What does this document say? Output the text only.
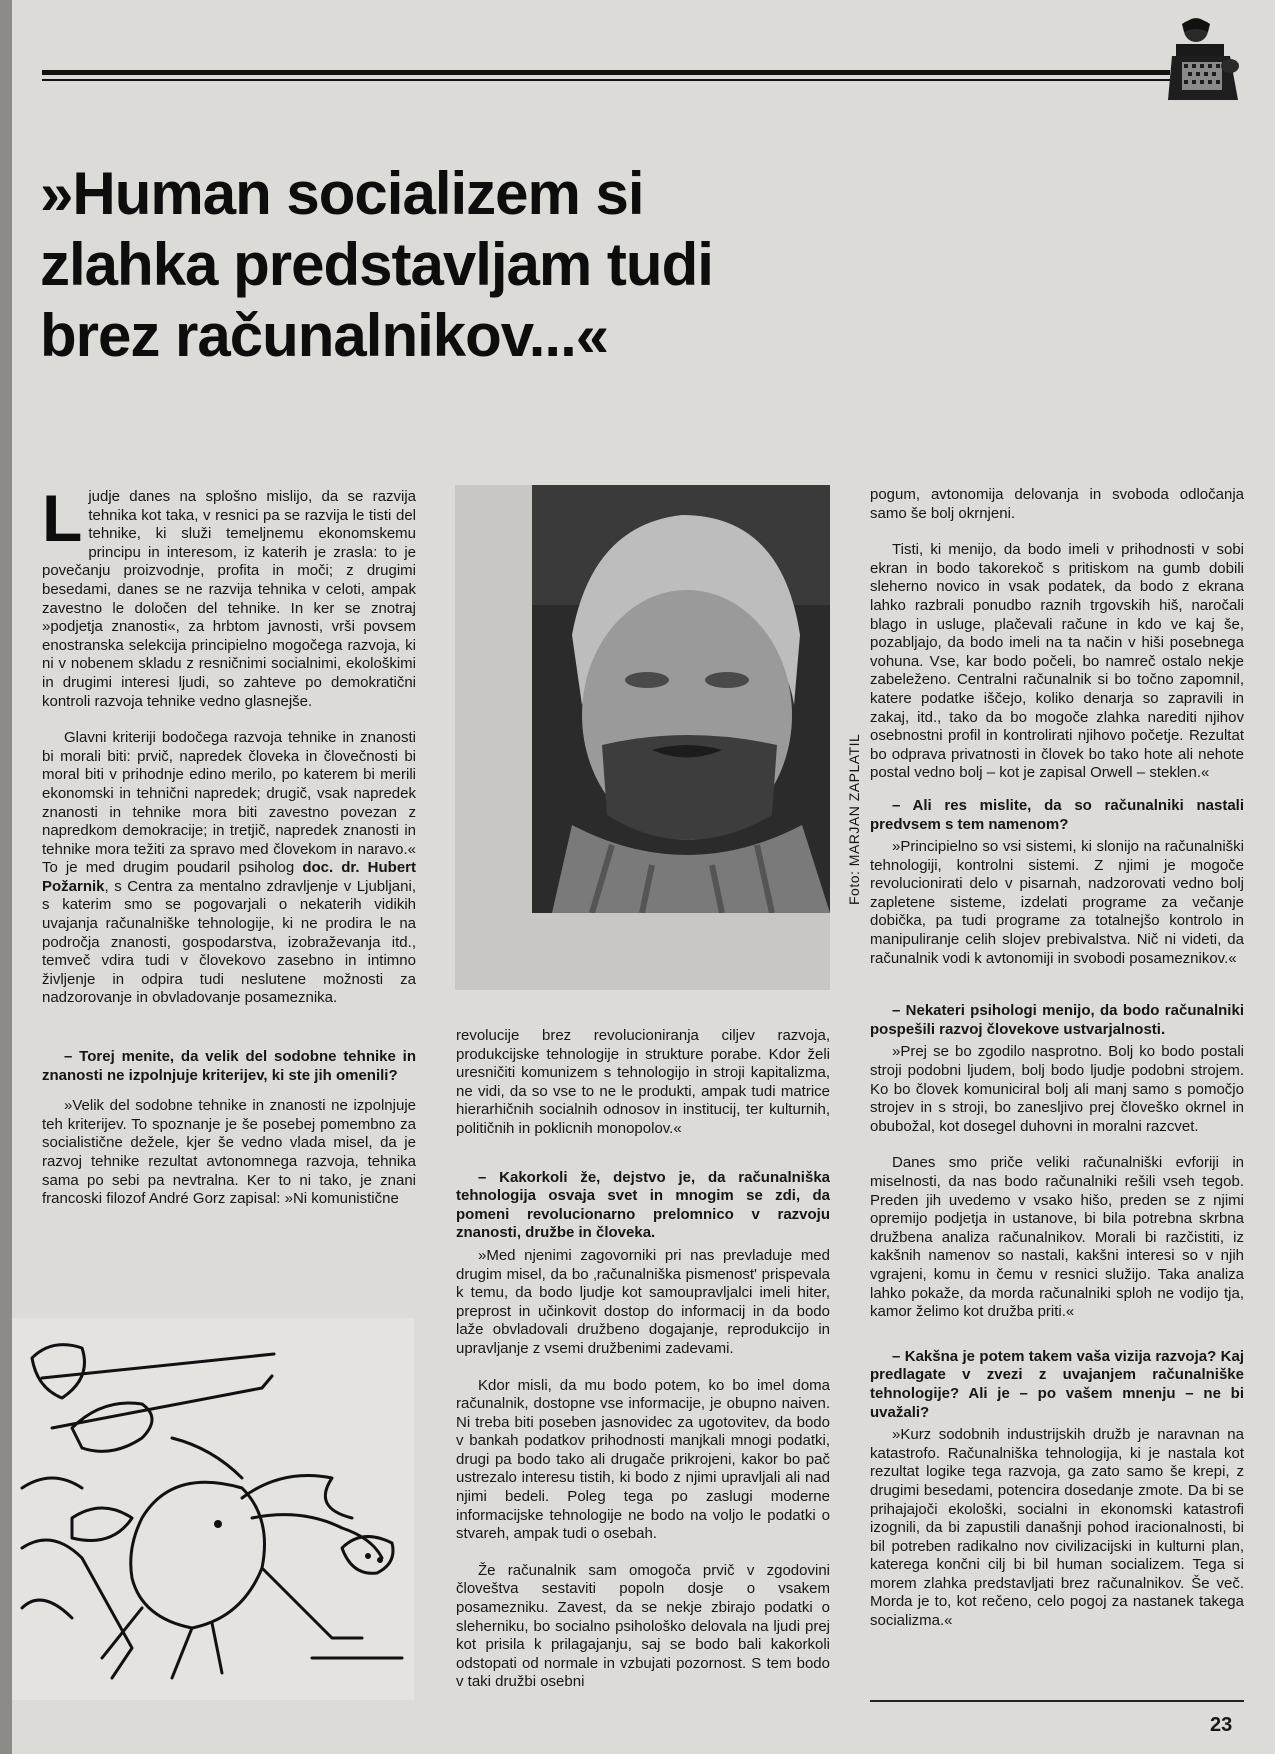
»Human socializem si zlahka predstavljam tudi brez računalnikov...«

Ljudje danes na splošno mislijo, da se razvija tehnika kot taka, v resnici pa se razvija le tisti del tehnike, ki služi temeljnemu ekonomskemu principu in interesom, iz katerih je zrasla: to je povečanju proizvodnje, profita in moči; z drugimi besedami, danes se ne razvija tehnika v celoti, ampak zavestno le določen del tehnike. In ker se znotraj »podjetja znanosti«, za hrbtom javnosti, vrši povsem enostranska selekcija principielno mogočega razvoja, ki ni v nobenem skladu z resničnimi socialnimi, ekološkimi in drugimi interesi ljudi, so zahteve po demokratični kontroli razvoja tehnike vedno glasnejše.

Glavni kriteriji bodočega razvoja tehnike in znanosti bi morali biti: prvič, napredek človeka in človečnosti bi moral biti v prihodnje edino merilo, po katerem bi merili ekonomski in tehnični napredek; drugič, vsak napredek znanosti in tehnike mora biti zavestno povezan z napredkom demokracije; in tretjič, napredek znanosti in tehnike mora težiti za spravo med človekom in naravo.« To je med drugim poudaril psiholog doc. dr. Hubert Požarnik, s Centra za mentalno zdravljenje v Ljubljani, s katerim smo se pogovarjali o nekaterih vidikih uvajanja računalniške tehnologije, ki ne prodira le na področja znanosti, gospodarstva, izobraževanja itd., temveč vdira tudi v človekovo zasebno in intimno življenje in odpira tudi neslutene možnosti za nadzorovanje in obvladovanje posameznika.

– Torej menite, da velik del sodobne tehnike in znanosti ne izpolnjuje kriterijev, ki ste jih omenili?

»Velik del sodobne tehnike in znanosti ne izpolnjuje teh kriterijev. To spoznanje je še posebej pomembno za socialistične dežele, kjer še vedno vlada misel, da je razvoj tehnike rezultat avtonomnega razvoja, tehnika sama po sebi pa nevtralna. Ker to ni tako, je znani francoski filozof André Gorz zapisal: »Ni komunistične

Foto: MARJAN ZAPLATIL

revolucije brez revolucioniranja ciljev razvoja, produkcijske tehnologije in strukture porabe. Kdor želi uresničiti komunizem s tehnologijo in stroji kapitalizma, ne vidi, da so vse to ne le produkti, ampak tudi matrice hierarhičnih socialnih odnosov in institucij, ter kulturnih, političnih in poklicnih monopolov.«

– Kakorkoli že, dejstvo je, da računalniška tehnologija osvaja svet in mnogim se zdi, da pomeni revolucionarno prelomnico v razvoju znanosti, družbe in človeka.

»Med njenimi zagovorniki pri nas prevladuje med drugim misel, da bo ‚računalniška pismenost' prispevala k temu, da bodo ljudje kot samoupravljalci imeli hiter, preprost in učinkovit dostop do informacij in da bodo laže obvladovali družbeno dogajanje, reprodukcijo in upravljanje z vsemi družbenimi zadevami.

Kdor misli, da mu bodo potem, ko bo imel doma računalnik, dostopne vse informacije, je obupno naiven. Ni treba biti poseben jasnovidec za ugotovitev, da bodo v bankah podatkov prihodnosti manjkali mnogi podatki, drugi pa bodo tako ali drugače prikrojeni, kakor bo pač ustrezalo interesu tistih, ki bodo z njimi upravljali ali nad njimi bedeli. Poleg tega po zaslugi moderne informacijske tehnologije ne bodo na voljo le podatki o stvareh, ampak tudi o osebah.

Že računalnik sam omogoča prvič v zgodovini človeštva sestaviti popoln dosje o vsakem posamezniku. Zavest, da se nekje zbirajo podatki o sleherniku, bo socialno psihološko delovala na ljudi prej kot prisila k prilagajanju, saj se bodo bali kakorkoli odstopati od normale in vzbujati pozornost. S tem bodo v taki družbi osebni

pogum, avtonomija delovanja in svoboda odločanja samo še bolj okrnjeni.

Tisti, ki menijo, da bodo imeli v prihodnosti v sobi ekran in bodo takorekoč s pritiskom na gumb dobili sleherno novico in vsak podatek, da bodo z ekrana lahko razbrali ponudbo raznih trgovskih hiš, naročali blago in usluge, plačevali račune in kdo ve kaj še, pozabljajo, da bodo imeli na ta način v hiši posebnega vohuna. Vse, kar bodo počeli, bo namreč ostalo nekje zabeleženo. Centralni računalnik si bo točno zapomnil, katere podatke iščejo, koliko denarja so zapravili in zakaj, itd., tako da bo mogoče zlahka narediti njihov osebnostni profil in kontrolirati njihovo početje. Rezultat bo odprava privatnosti in človek bo tako hote ali nehote postal vedno bolj – kot je zapisal Orwell – steklen.«

– Ali res mislite, da so računalniki nastali predvsem s tem namenom?

»Principielno so vsi sistemi, ki slonijo na računalniški tehnologiji, kontrolni sistemi. Z njimi je mogoče revolucionirati delo v pisarnah, nadzorovati vedno bolj zapletene sisteme, izdelati programe za večanje dobička, pa tudi programe za totalnejšo kontrolo in manipuliranje celih slojev prebivalstva. Nič ni videti, da računalnik vodi k avtonomiji in svobodi posameznikov.«

– Nekateri psihologi menijo, da bodo računalniki pospešili razvoj človekove ustvarjalnosti.

»Prej se bo zgodilo nasprotno. Bolj ko bodo postali stroji podobni ljudem, bolj bodo ljudje podobni strojem. Ko bo človek komuniciral bolj ali manj samo s pomočjo strojev in s stroji, bo zanesljivo prej človeško okrnel in obubožal, kot dosegel duhovni in moralni razcvet.

Danes smo priče veliki računalniški evforiji in miselnosti, da nas bodo računalniki rešili vseh tegob. Preden jih uvedemo v vsako hišo, preden se z njimi opremijo podjetja in ustanove, bi bila potrebna skrbna družbena analiza računalnikov. Morali bi razčistiti, iz kakšnih namenov so nastali, kakšni interesi so v njih vgrajeni, komu in čemu v resnici služijo. Taka analiza lahko pokaže, da morda računalniki sploh ne vodijo tja, kamor želimo kot družba priti.«

– Kakšna je potem takem vaša vizija razvoja? Kaj predlagate v zvezi z uvajanjem računalniške tehnologije? Ali je – po vašem mnenju – ne bi uvažali?

»Kurz sodobnih industrijskih družb je naravnan na katastrofo. Računalniška tehnologija, ki je nastala kot rezultat logike tega razvoja, ga zato samo še krepi, z drugimi besedami, potencira dosedanje zmote. Da bi se prihajajoči ekološki, socialni in ekonomski katastrofi izognili, da bi zapustili današnji pohod iracionalnosti, bi bil potreben radikalno nov civilizacijski in kulturni plan, katerega končni cilj bi bil human socializem. Tega si morem zlahka predstavljati brez računalnikov. Še več. Morda je to, kot rečeno, celo pogoj za nastanek takega socializma.«

23
